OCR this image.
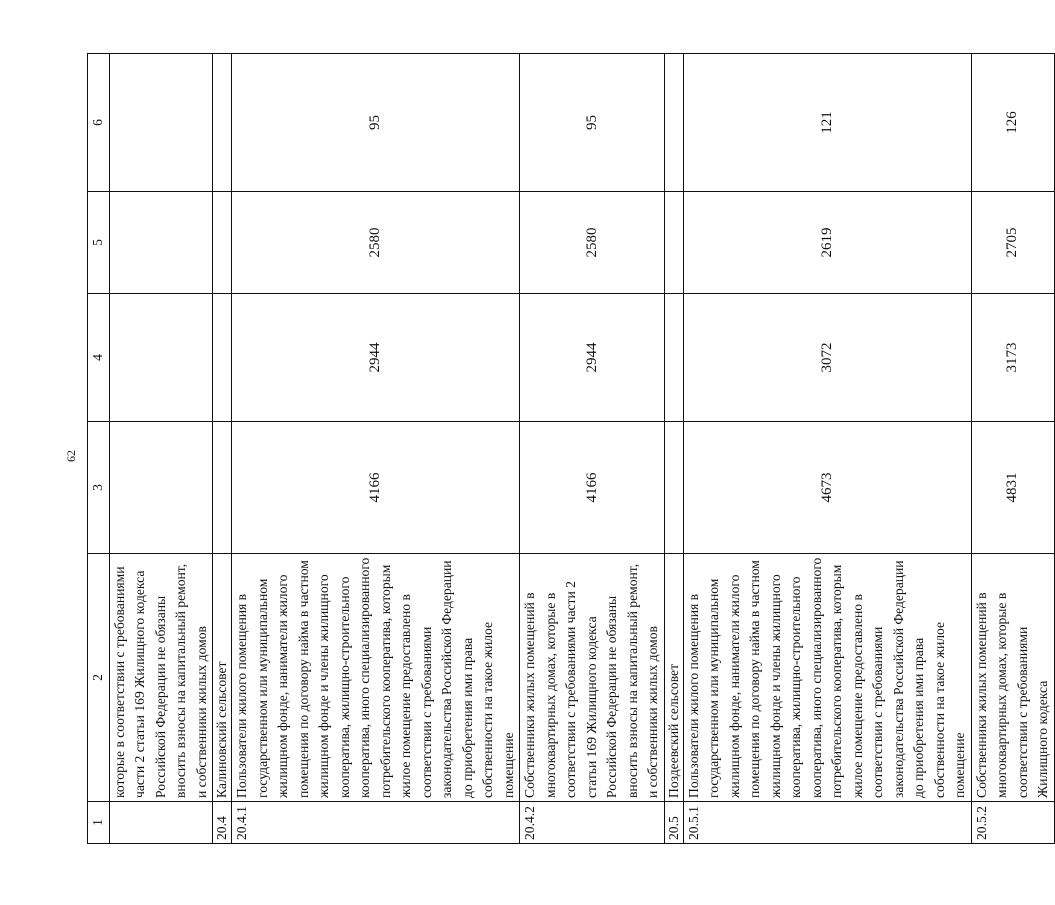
62
1	2	3	4	5	6
	которые в соответствии с требованиями части 2 статьи 169 Жилищного кодекса Российской Федерации не обязаны вносить взносы на капитальный ремонт, и собственники жилых домов				
20.4	Калиновский сельсовет				
20.4.1	Пользователи жилого помещения в государственном или муниципальном жилищном фонде, наниматели жилого помещения по договору найма в частном жилищном фонде и члены жилищного кооператива, жилищно-строительного кооператива, иного специализированного потребительского кооператива, которым жилое помещение предоставлено в соответствии с требованиями законодательства Российской Федерации до приобретения ими права собственности на такое жилое помещение	4166	2944	2580	95
20.4.2	Собственники жилых помещений в многоквартирных домах, которые в соответствии с требованиями части 2 статьи 169 Жилищного кодекса Российской Федерации не обязаны вносить взносы на капитальный ремонт, и собственники жилых домов	4166	2944	2580	95
20.5	Поздеевский сельсовет				
20.5.1	Пользователи жилого помещения в государственном или муниципальном жилищном фонде, наниматели жилого помещения по договору найма в частном жилищном фонде и члены жилищного кооператива, жилищно-строительного кооператива, иного специализированного потребительского кооператива, которым жилое помещение предоставлено в соответствии с требованиями законодательства Российской Федерации до приобретения ими права собственности на такое жилое помещение	4673	3072	2619	121
20.5.2	Собственники жилых помещений в многоквартирных домах, которые в соответствии с требованиями Жилищного кодекса	4831	3173	2705	126
